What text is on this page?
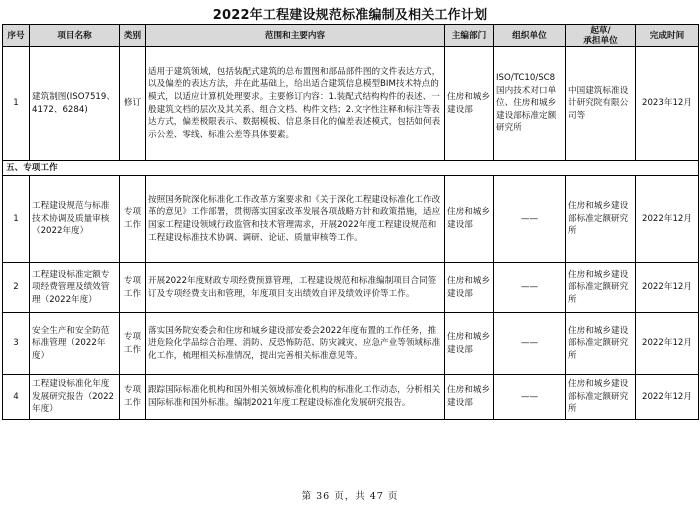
2022年工程建设规范标准编制及相关工作计划
序号	项目名称	类别	范围和主要内容	主编部门	组织单位	起草/
承担单位	完成时间
1	建筑制图(ISO7519、4172、6284)	修订	适用于建筑领域，包括装配式建筑的总布置图和部品部件图的文件表达方式，以及偏差的表达方法，并在此基础上，给出适合建筑信息模型BIM技术特点的模式，以适应计算机处理要求。主要修订内容：1.装配式结构构件的表述、一般建筑文档的层次及其关系、组合文档、构件文档；2.文字性注释和标注等表达方式，偏差极限表示、数据模板、信息条目化的偏差表述模式，包括如何表示公差、零线、标准公差等具体要素。	住房和城乡建设部	ISO/TC10/SC8国内技术对口单位、住房和城乡建设部标准定额研究所	中国建筑标准设计研究院有限公司等	2023年12月
五、专项工作							
1	工程建设规范与标准技术协调及质量审核（2022年度）	专项工作	按照国务院深化标准化工作改革方案要求和《关于深化工程建设标准化工作改革的意见》工作部署，贯彻落实国家改革发展各项战略方针和政策措施，适应国家工程建设领域行政监管和技术管理需求，开展2022年度工程建设规范和工程建设标准技术协调、调研、论证、质量审核等工作。	住房和城乡建设部	——	住房和城乡建设部标准定额研究所	2022年12月
2	工程建设标准定额专项经费管理及绩效管理（2022年度）	专项工作	开展2022年度财政专项经费预算管理，工程建设规范和标准编制项目合同签订及专项经费支出和管理，年度项目支出绩效自评及绩效评价等工作。	住房和城乡建设部	——	住房和城乡建设部标准定额研究所	2022年12月
3	安全生产和安全防范标准管理（2022年度）	专项工作	落实国务院安委会和住房和城乡建设部安委会2022年度布置的工作任务，推进危险化学品综合治理、消防、反恐怖防范、防灾减灾、应急产业等领域标准化工作，梳理相关标准情况，提出完善相关标准意见等。	住房和城乡建设部	——	住房和城乡建设部标准定额研究所	2022年12月
4	工程建设标准化年度发展研究报告（2022年度）	专项工作	跟踪国际标准化机构和国外相关领域标准化机构的标准化工作动态，分析相关国际标准和国外标准。编制2021年度工程建设标准化发展研究报告。	住房和城乡建设部	——	住房和城乡建设部标准定额研究所	2022年12月
第 36 页，共 47 页
